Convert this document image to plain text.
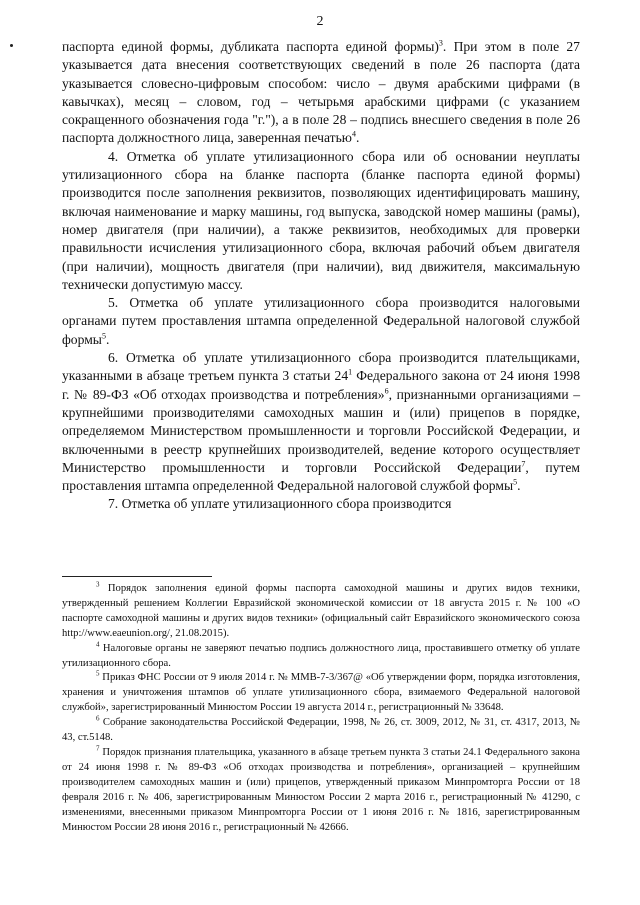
2

паспорта единой формы, дубликата паспорта единой формы)$^3$. При этом в поле 27 указывается дата внесения соответствующих сведений в поле 26 паспорта (дата указывается словесно-цифровым способом: число – двумя арабскими цифрами (в кавычках), месяц – словом, год – четырьмя арабскими цифрами (с указанием сокращенного обозначения года "г."), а в поле 28 – подпись внесшего сведения в поле 26 паспорта должностного лица, заверенная печатью$^4$.

4. Отметка об уплате утилизационного сбора или об основании неуплаты утилизационного сбора на бланке паспорта (бланке паспорта единой формы) производится после заполнения реквизитов, позволяющих идентифицировать машину, включая наименование и марку машины, год выпуска, заводской номер машины (рамы), номер двигателя (при наличии), а также реквизитов, необходимых для проверки правильности исчисления утилизационного сбора, включая рабочий объем двигателя (при наличии), мощность двигателя (при наличии), вид движителя, максимальную технически допустимую массу.

5. Отметка об уплате утилизационного сбора производится налоговыми органами путем проставления штампа определенной Федеральной налоговой службой формы$^5$.

6. Отметка об уплате утилизационного сбора производится плательщиками, указанными в абзаце третьем пункта 3 статьи $24^1$ Федерального закона от 24 июня 1998 г. № 89-ФЗ «Об отходах производства и потребления»$^6$, признанными организациями – крупнейшими производителями самоходных машин и (или) прицепов в порядке, определяемом Министерством промышленности и торговли Российской Федерации, и включенными в реестр крупнейших производителей, ведение которого осуществляет Министерство промышленности и торговли Российской Федерации$^7$, путем проставления штампа определенной Федеральной налоговой службой формы$^5$.

7. Отметка об уплате утилизационного сбора производится

$^3$ Порядок заполнения единой формы паспорта самоходной машины и других видов техники, утвержденный решением Коллегии Евразийской экономической комиссии от 18 августа 2015 г. № 100 «О паспорте самоходной машины и других видов техники» (официальный сайт Евразийского экономического союза http://www.eaeunion.org/, 21.08.2015).

$^4$ Налоговые органы не заверяют печатью подпись должностного лица, проставившего отметку об уплате утилизационного сбора.

$^5$ Приказ ФНС России от 9 июля 2014 г. № ММВ-7-3/367@ «Об утверждении форм, порядка изготовления, хранения и уничтожения штампов об уплате утилизационного сбора, взимаемого Федеральной налоговой службой», зарегистрированный Минюстом России 19 августа 2014 г., регистрационный № 33648.

$^6$ Собрание законодательства Российской Федерации, 1998, № 26, ст. 3009, 2012, № 31, ст. 4317, 2013, № 43, ст.5148.

$^7$ Порядок признания плательщика, указанного в абзаце третьем пункта 3 статьи 24.1 Федерального закона от 24 июня 1998 г. № 89-ФЗ «Об отходах производства и потребления», организацией – крупнейшим производителем самоходных машин и (или) прицепов, утвержденный приказом Минпромторга России от 18 февраля 2016 г. № 406, зарегистрированным Минюстом России 2 марта 2016 г., регистрационный № 41290, с изменениями, внесенными приказом Минпромторга России от 1 июня 2016 г. № 1816, зарегистрированным Минюстом России 28 июня 2016 г., регистрационный № 42666.
